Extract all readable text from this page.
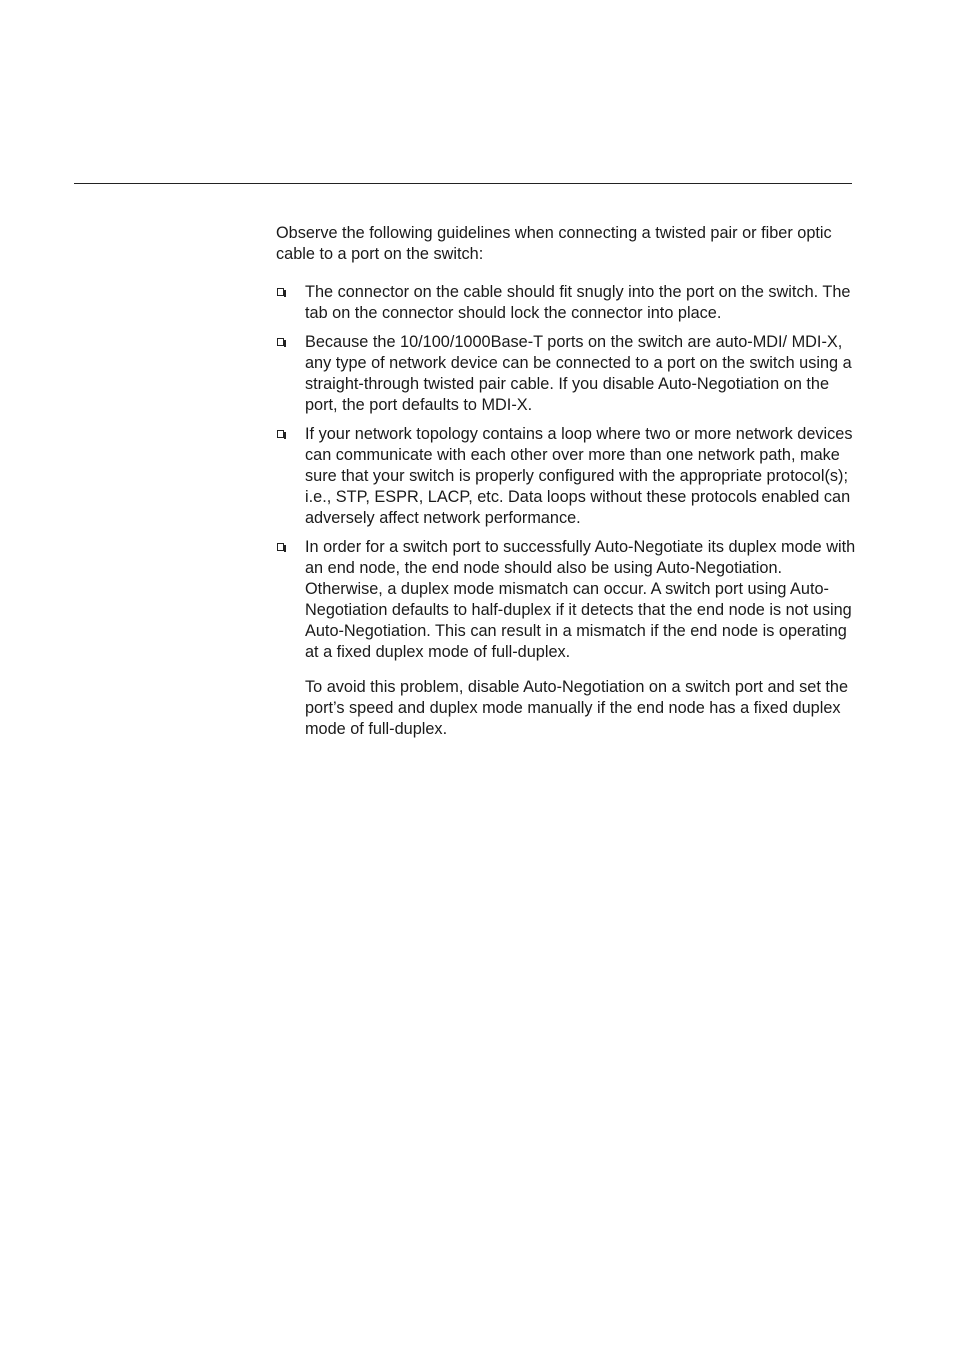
Observe the following guidelines when connecting a twisted pair or fiber optic cable to a port on the switch:

The connector on the cable should fit snugly into the port on the switch. The tab on the connector should lock the connector into place.
Because the 10/100/1000Base-T ports on the switch are auto-MDI/ MDI-X, any type of network device can be connected to a port on the switch using a straight-through twisted pair cable. If you disable Auto-Negotiation on the port, the port defaults to MDI-X.
If your network topology contains a loop where two or more network devices can communicate with each other over more than one network path, make sure that your switch is properly configured with the appropriate protocol(s); i.e., STP, ESPR, LACP, etc. Data loops without these protocols enabled can adversely affect network performance.
In order for a switch port to successfully Auto-Negotiate its duplex mode with an end node, the end node should also be using Auto-Negotiation. Otherwise, a duplex mode mismatch can occur. A switch port using Auto-Negotiation defaults to half-duplex if it detects that the end node is not using Auto-Negotiation. This can result in a mismatch if the end node is operating at a fixed duplex mode of full-duplex.

To avoid this problem, disable Auto-Negotiation on a switch port and set the port’s speed and duplex mode manually if the end node has a fixed duplex mode of full-duplex.
